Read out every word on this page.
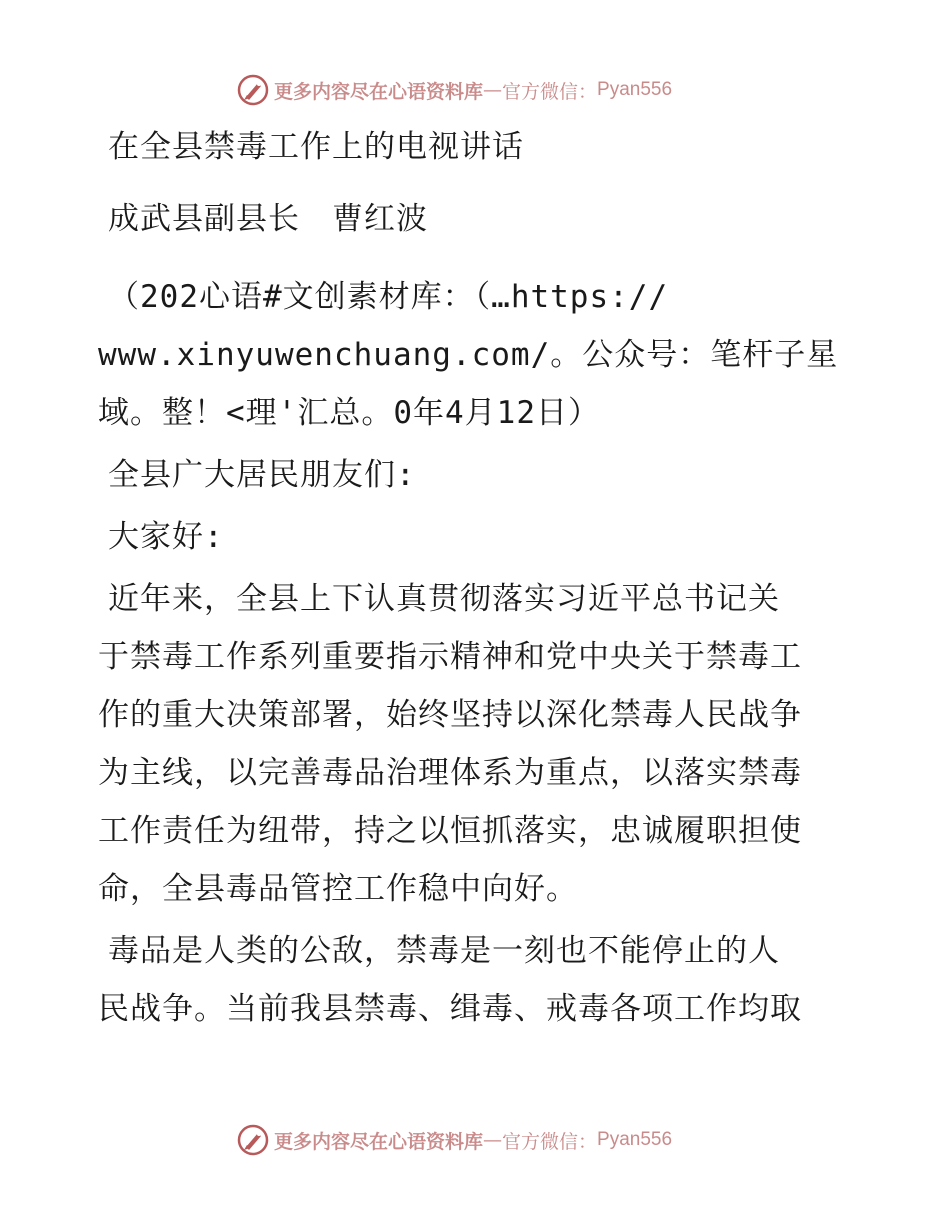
更多内容尽在心语资料库 — 官方微信： Pyan556
在全县禁毒工作上的电视讲话
成武县副县长　曹红波

（202心语#文创素材库：（…https://

www.xinyuwenchuang.com/。公众号：笔杆子星

域。整！<理'汇总。0年4月12日）

全县广大居民朋友们:

大家好:

近年来，全县上下认真贯彻落实习近平总书记关

于禁毒工作系列重要指示精神和党中央关于禁毒工

作的重大决策部署，始终坚持以深化禁毒人民战争

为主线，以完善毒品治理体系为重点，以落实禁毒

工作责任为纽带，持之以恒抓落实，忠诚履职担使

命，全县毒品管控工作稳中向好。

毒品是人类的公敌，禁毒是一刻也不能停止的人

民战争。当前我县禁毒、缉毒、戒毒各项工作均取

更多内容尽在心语资料库 — 官方微信： Pyan556
